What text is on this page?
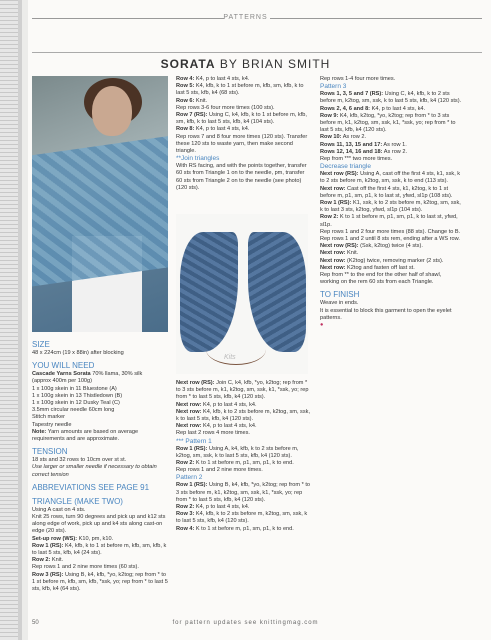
PATTERNS
SORATA BY BRIAN SMITH
Kits

SIZE

48 x 224cm (19 x 88in) after blocking

YOU WILL NEED

Cascade Yarns Sorata 70% llama, 30% silk

(approx 400m per 100g)

1 x 100g skein in 11 Bluestone (A)

1 x 100g skein in 13 Thistledown (B)

1 x 100g skein in 12 Dusky Teal (C)

3.5mm circular needle 60cm long

Stitch marker

Tapestry needle

Note: Yarn amounts are based on average requirements and are approximate.

TENSION

18 sts and 32 rows to 10cm over st st.

Use larger or smaller needle if necessary to obtain correct tension

ABBREVIATIONS SEE PAGE 91

TRIANGLE (MAKE TWO)

Using A cast on 4 sts.

Knit 25 rows, turn 90 degrees and pick up and k12 sts along edge of work, pick up and k4 sts along cast-on edge (20 sts).

Set-up row (WS): K10, pm, k10.

Row 1 (RS): K4, kfb, k to 1 st before m, kfb, sm, kfb, k to last 5 sts, kfb, k4 (24 sts).

Row 2: Knit.

Rep rows 1 and 2 nine more times (60 sts).

Row 3 (RS): Using B, k4, kfb, *yo, k2tog; rep from * to 1 st before m, kfb, sm, kfb, *ssk, yo; rep from * to last 5 sts, kfb, k4 (64 sts).

Row 4: K4, p to last 4 sts, k4.

Row 5: K4, kfb, k to 1 st before m, kfb, sm, kfb, k to last 5 sts, kfb, k4 (68 sts).

Row 6: Knit.

Rep rows 3-6 four more times (100 sts).

Row 7 (RS): Using C, k4, kfb, k to 1 st before m, kfb, sm, kfb, k to last 5 sts, kfb, k4 (104 sts).

Row 8: K4, p to last 4 sts, k4.

Rep rows 7 and 8 four more times (120 sts). Transfer these 120 sts to waste yarn, then make second triangle.

**Join triangles

With RS facing, and with the points together, transfer 60 sts from Triangle 1 on to the needle, pm, transfer 60 sts from Triangle 2 on to the needle (see photo) (120 sts).

Next row (RS): Join C, k4, kfb, *yo, k2tog; rep from * to 3 sts before m, k1, k2tog, sm, ssk, k1, *ssk, yo; rep from * to last 5 sts, kfb, k4 (120 sts).

Next row: K4, p to last 4 sts, k4.

Next row: K4, kfb, k to 2 sts before m, k2tog, sm, ssk, k to last 5 sts, kfb, k4 (120 sts).

Next row: K4, p to last 4 sts, k4.

Rep last 2 rows 4 more times.

*** Pattern 1

Row 1 (RS): Using A, k4, kfb, k to 2 sts before m, k2tog, sm, ssk, k to last 5 sts, kfb, k4 (120 sts).

Row 2: K to 1 st before m, p1, sm, p1, k to end.

Rep rows 1 and 2 nine more times.

Pattern 2

Row 1 (RS): Using B, k4, kfb, *yo, k2tog; rep from * to 3 sts before m, k1, k2tog, sm, ssk, k1, *ssk, yo; rep from * to last 5 sts, kfb, k4 (120 sts).

Row 2: K4, p to last 4 sts, k4.

Row 3: K4, kfb, k to 2 sts before m, k2tog, sm, ssk, k to last 5 sts, kfb, k4 (120 sts).

Row 4: K to 1 st before m, p1, sm, p1, k to end.

Rep rows 1-4 four more times.

Pattern 3

Rows 1, 3, 5 and 7 (RS): Using C, k4, kfb, k to 2 sts before m, k2tog, sm, ssk, k to last 5 sts, kfb, k4 (120 sts).

Rows 2, 4, 6 and 8: K4, p to last 4 sts, k4.

Row 9: K4, kfb, k2tog, *yo, k2tog; rep from * to 3 sts before m, k1, k2tog, sm, ssk, k1, *ssk, yo; rep from * to last 5 sts, kfb, k4 (120 sts).

Row 10: As row 2.

Rows 11, 13, 15 and 17: As row 1.

Rows 12, 14, 16 and 18: As row 2.

Rep from *** two more times.

Decrease triangle

Next row (RS): Using A, cast off the first 4 sts, k1, ssk, k to 2 sts before m, k2tog, sm, ssk, k to end (113 sts).

Next row: Cast off the first 4 sts, k1, k2tog, k to 1 st before m, p1, sm, p1, k to last st, yfwd, sl1p (108 sts).

Row 1 (RS): K1, ssk, k to 2 sts before m, k2tog, sm, ssk, k to last 3 sts, k2tog, yfwd, sl1p (104 sts).

Row 2: K to 1 st before m, p1, sm, p1, k to last st, yfwd, sl1p.

Rep rows 1 and 2 four more times (88 sts). Change to B.

Rep rows 1 and 2 until 8 sts rem, ending after a WS row.

Next row (RS): (Ssk, k2tog) twice (4 sts).

Next row: Knit.

Next row: (K2tog) twice, removing marker (2 sts).

Next row: K2tog and fasten off last st.

Rep from ** to the end for the other half of shawl, working on the rem 60 sts from each Triangle.

TO FINISH

Weave in ends.

It is essential to block this garment to open the eyelet patterns.

●
50	for pattern updates see knittingmag.com
